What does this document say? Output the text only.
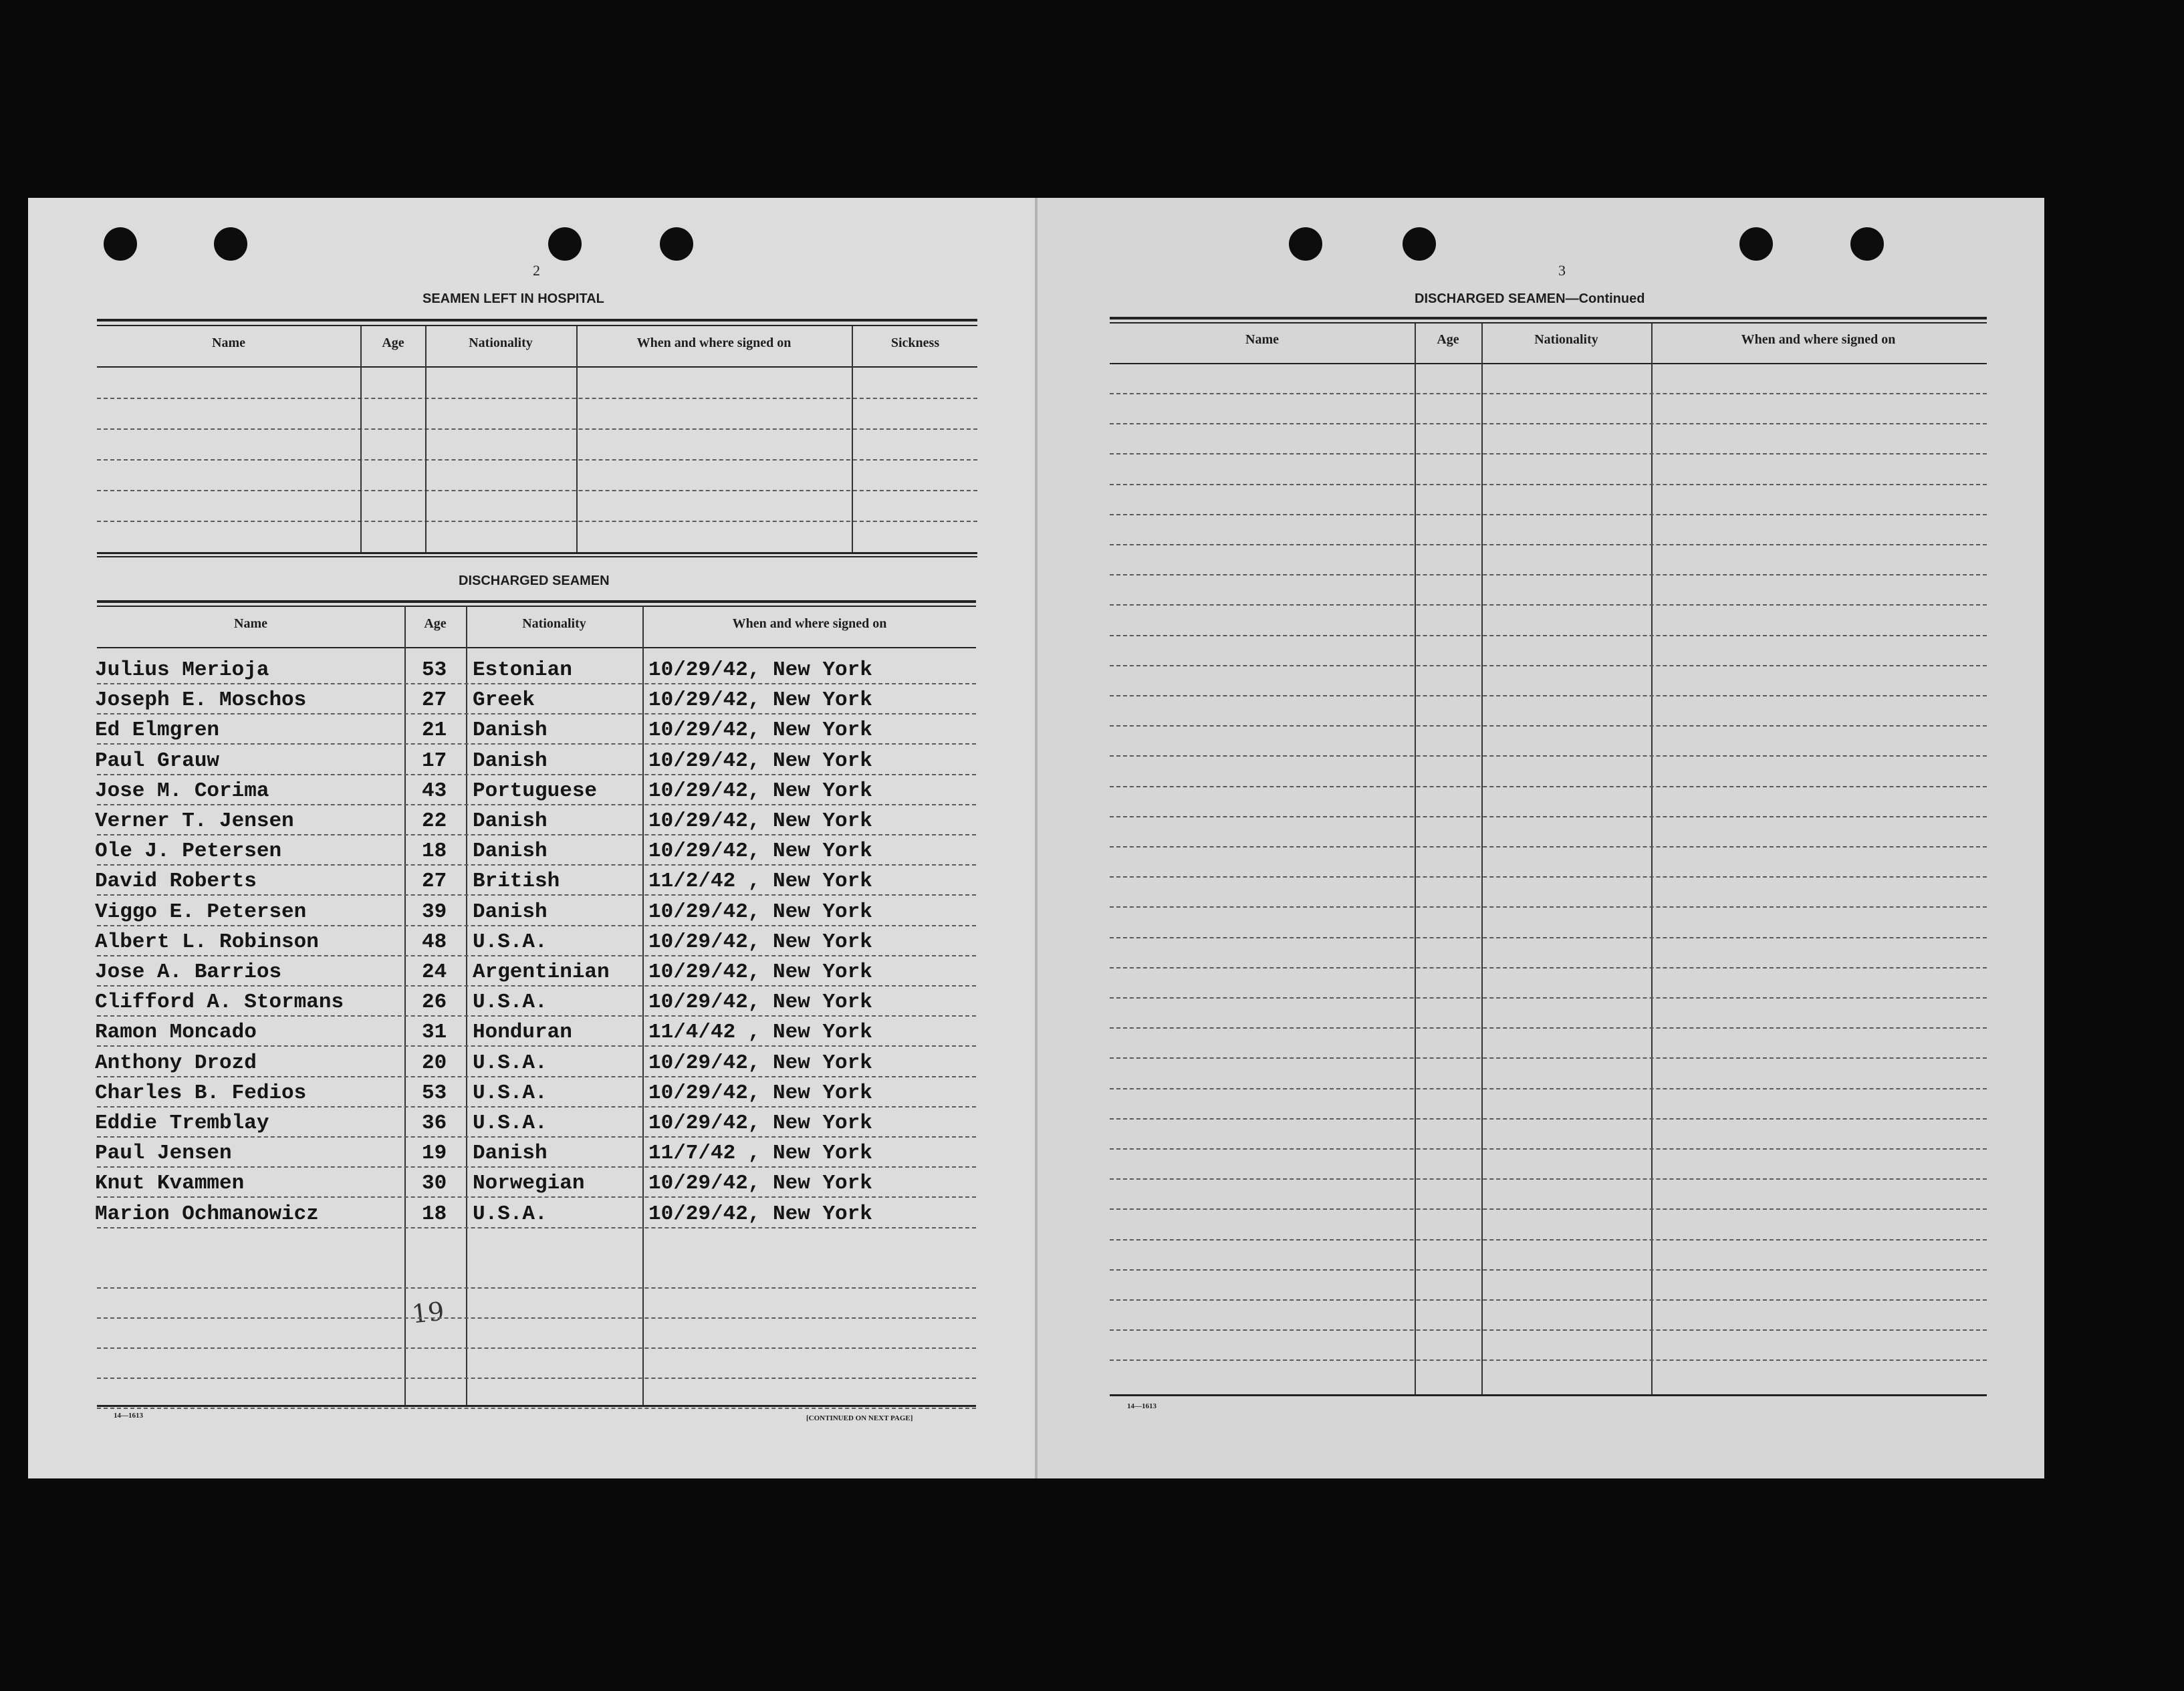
2
SEAMEN LEFT IN HOSPITAL
Name	Age	Nationality	When and where signed on	Sickness
DISCHARGED SEAMEN
Name	Age	Nationality	When and where signed on
19
14—1613	[CONTINUED ON NEXT PAGE]
3
DISCHARGED SEAMEN—Continued
Name	Age	Nationality	When and where signed on
14—1613
Julius Merioja	53 Estonian	10/29/42, New York
Joseph E. Moschos	27 Greek	10/29/42, New York
Ed Elmgren	21 Danish	10/29/42, New York
Paul Grauw	17 Danish	10/29/42, New York
Jose M. Corima	43 Portuguese 10/29/42, New York
Verner T. Jensen	22 Danish	10/29/42, New York
Ole J. Petersen	18 Danish	10/29/42, New York
David Roberts	27 British	11/2/42 , New York
Viggo E. Petersen	39 Danish	10/29/42, New York
Albert L. Robinson	48 U.S.A.	10/29/42, New York
Jose A. Barrios	24 Argentinian 10/29/42, New York
Clifford A. Stormans	26 U.S.A.	10/29/42, New York
Ramon Moncado	31 Honduran	11/4/42 , New York
Anthony Drozd	20 U.S.A.	10/29/42, New York
Charles B. Fedios	53 U.S.A.	10/29/42, New York
Eddie Tremblay	36 U.S.A.	10/29/42, New York
Paul Jensen	19 Danish	11/7/42 , New York
Knut Kvammen	30 Norwegian	10/29/42, New York
Marion Ochmanowicz	18 U.S.A.	10/29/42, New York
